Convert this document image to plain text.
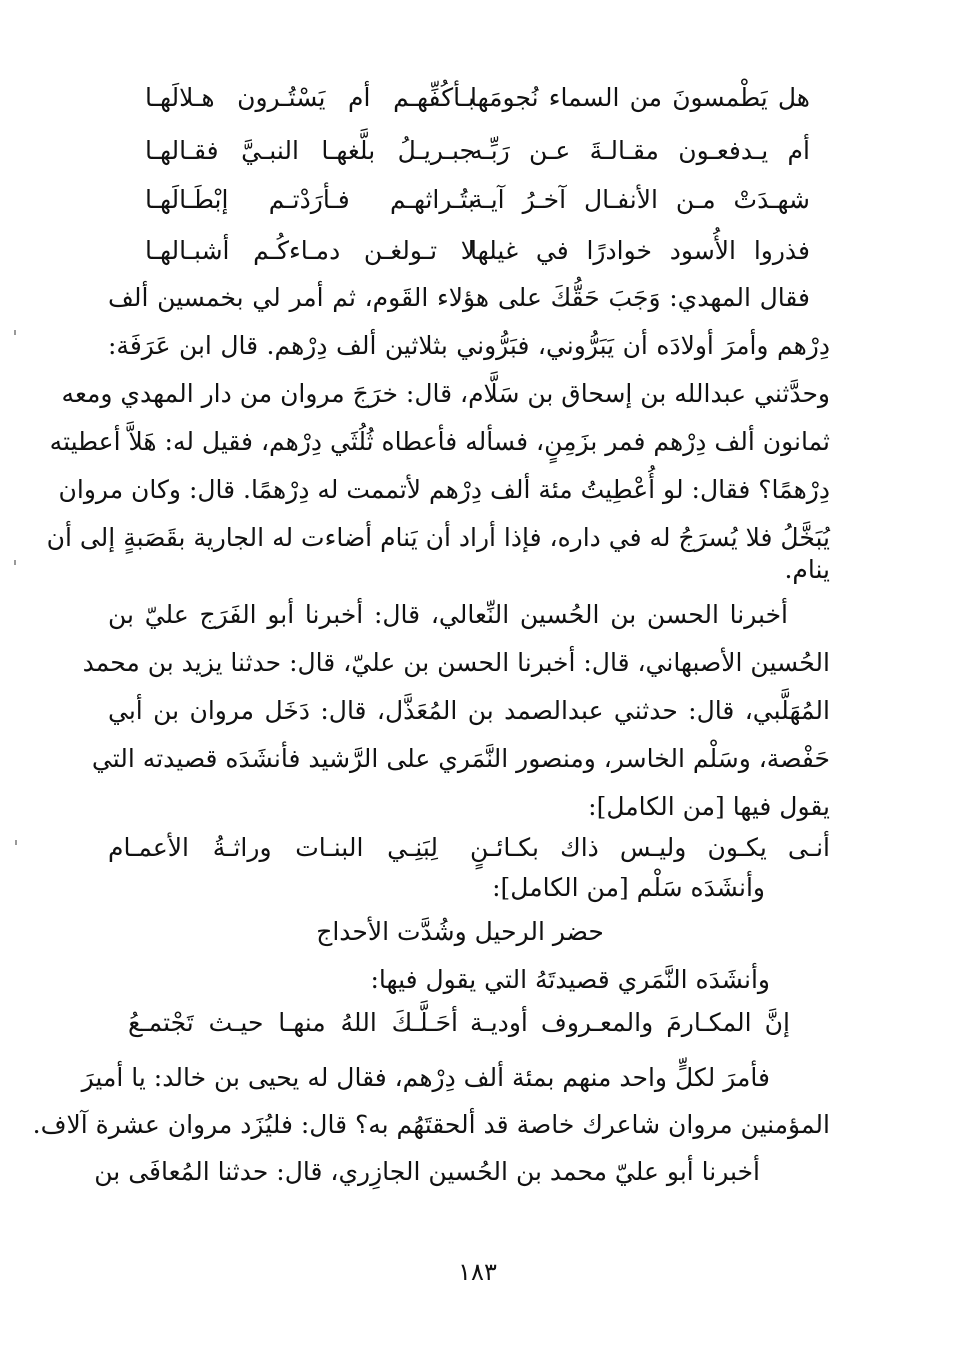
هل يَطْمسونَ من السماء نُجومَها
بـأكُفِّهـم أم يَسْتُـرون هـلالَهـا
أم يـدفعـون مقـالـةَ عـن رَبِّـه
جبـريـلُ بلَّغهـا النبـيَّ فقـالهـا
شهـدَتْ مـن الأنفـال آخـرُ آيـة
بتُـراثهـم فـأرَدْتـم إبْطَـالَهـا
فذروا الأُسود خوادرًا في غيلها
لا تـولغـن دمـاءكُـم أشبـالهـا
فقال المهدي: وَجَبَ حَقُّكَ على هؤلاء القَوم، ثم أمر لي بخمسين ألف
دِرْهم وأمرَ أولادَه أن يَبَرُّوني، فبَرُّوني بثلاثين ألف دِرْهم. قال ابن عَرَفَة:
وحدَّثني عبدالله بن إسحاق بن سَلَّام، قال: خرَجَ مروان من دار المهدي ومعه
ثمانون ألف دِرْهم فمر بزَمِنٍ، فسأله فأعطاه ثُلُثَي دِرْهم، فقيل له: هَلاَّ أعطيته
دِرْهمًا؟ فقال: لو أُعْطِيتُ مئة ألف دِرْهم لأتممت له دِرْهمًا. قال: وكان مروان
يُبَخَّلُ فلا يُسرَجُ له في داره، فإذا أراد أن يَنام أضاءت له الجارية بقَصَبةٍ إلى أن
ينام.
أخبرنا الحسن بن الحُسين النِّعالي، قال: أخبرنا أبو الفَرَج عليّ بن
الحُسين الأصبهاني، قال: أخبرنا الحسن بن عليّ، قال: حدثنا يزيد بن محمد
المُهَلَّبي، قال: حدثني عبدالصمد بن المُعَذَّل، قال: دَخَل مروان بن أبي
حَفْصة، وسَلْم الخاسر، ومنصور النَّمَري على الرَّشيد فأنشَدَه قصيدته التي
يقول فيها [من الكامل]:
أنـى يكـون وليـس ذاك بكـائـنٍ
لِبَنِـي البنـات وراثـةُ الأعمـام
وأنشَدَه سَلْم [من الكامل]:
حضر الرحيل وشُدَّت الأحداج
وأنشَدَه النَّمَري قصيدتَهُ التي يقول فيها:
إنَّ المكـارمَ والمعـروف أوديـة
أحَـلَّـكَ اللهُ منهـا حيـث تَجْتمـعُ
فأمرَ لكلٍّ واحد منهم بمئة ألف دِرْهم، فقال له يحيى بن خالد: يا أميرَ
المؤمنين مروان شاعرك خاصة قد ألحقتَهُم به؟ قال: فليُزَد مروان عشرة آلاف.
أخبرنا أبو عليّ محمد بن الحُسين الجازِري، قال: حدثنا المُعافَى بن
١٨٣
